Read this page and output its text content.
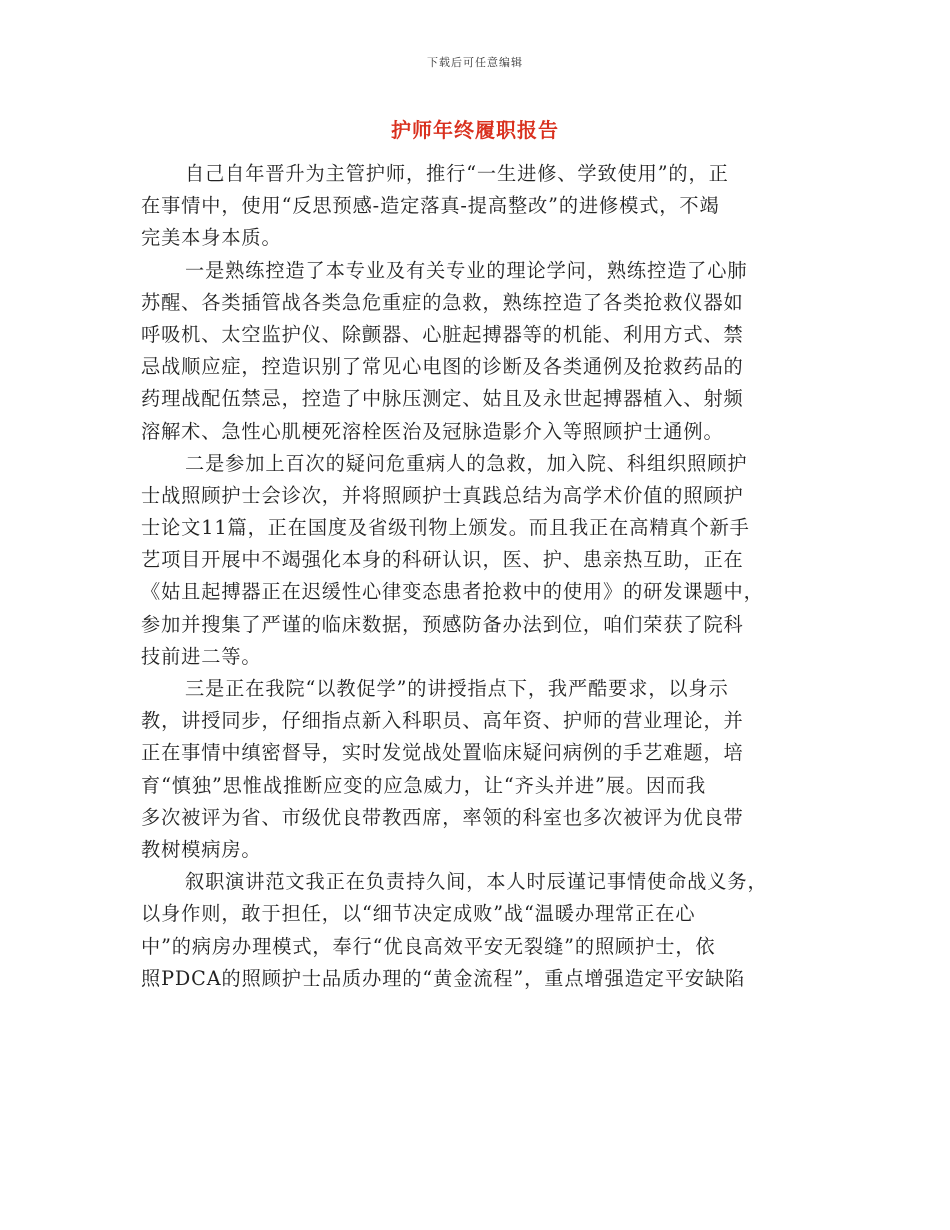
下载后可任意编辑
护师年终履职报告
自己自年晋升为主管护师，推行“一生进修、学致使用”的，正
在事情中，使用“反思预感-造定落真-提高整改”的进修模式，不竭
完美本身本质。
一是熟练控造了本专业及有关专业的理论学问，熟练控造了心肺
苏醒、各类插管战各类急危重症的急救，熟练控造了各类抢救仪器如
呼吸机、太空监护仪、除颤器、心脏起搏器等的机能、利用方式、禁
忌战顺应症，控造识别了常见心电图的诊断及各类通例及抢救药品的
药理战配伍禁忌，控造了中脉压测定、姑且及永世起搏器植入、射频
溶解术、急性心肌梗死溶栓医治及冠脉造影介入等照顾护士通例。
二是参加上百次的疑问危重病人的急救，加入院、科组织照顾护
士战照顾护士会诊次，并将照顾护士真践总结为高学术价值的照顾护
士论文11篇，正在国度及省级刊物上颁发。而且我正在高精真个新手
艺项目开展中不竭强化本身的科研认识，医、护、患亲热互助，正在
《姑且起搏器正在迟缓性心律变态患者抢救中的使用》的研发课题中，
参加并搜集了严谨的临床数据，预感防备办法到位，咱们荣获了院科
技前进二等。
三是正在我院“以教促学”的讲授指点下，我严酷要求，以身示
教，讲授同步，仔细指点新入科职员、高年资、护师的营业理论，并
正在事情中缜密督导，实时发觉战处置临床疑问病例的手艺难题，培
育“慎独”思惟战推断应变的应急威力，让“齐头并进”展。因而我
多次被评为省、市级优良带教西席，率领的科室也多次被评为优良带
教树模病房。
叙职演讲范文我正在负责持久间，本人时辰谨记事情使命战义务，
以身作则，敢于担任，以“细节决定成败”战“温暖办理常正在心
中”的病房办理模式，奉行“优良高效平安无裂缝”的照顾护士，依
照PDCA的照顾护士品质办理的“黄金流程”，重点增强造定平安缺陷
